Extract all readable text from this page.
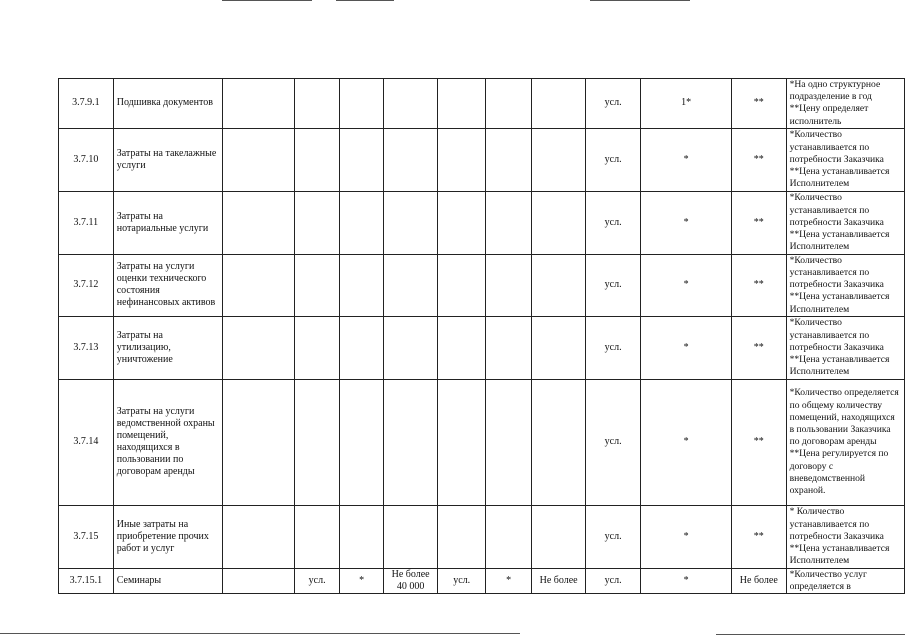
3.7.9.1	Подшивка документов								усл.	1*	**	*На одно структурное подразделение в год **Цену определяет исполнитель
3.7.10	Затраты на такелажные услуги								усл.	*	**	*Количество устанавливается по потребности Заказчика **Цена устанавливается Исполнителем
3.7.11	Затраты на нотариальные услуги								усл.	*	**	*Количество устанавливается по потребности Заказчика **Цена устанавливается Исполнителем
3.7.12	Затраты на услуги оценки технического состояния нефинансовых активов								усл.	*	**	*Количество устанавливается по потребности Заказчика **Цена устанавливается Исполнителем
3.7.13	Затраты на утилизацию, уничтожение								усл.	*	**	*Количество устанавливается по потребности Заказчика **Цена устанавливается Исполнителем
3.7.14	Затраты на услуги ведомственной охраны помещений, находящихся в пользовании по договорам аренды								усл.	*	**	*Количество определяется по общему количеству помещений, находящихся в пользовании Заказчика по договорам аренды **Цена регулируется по договору с вневедомственной охраной.
3.7.15	Иные затраты на приобретение прочих работ и услуг								усл.	*	**	* Количество устанавливается по потребности Заказчика **Цена устанавливается Исполнителем
3.7.15.1	Семинары		усл.	*	Не более 40 000	усл.	*	Не более	усл.	*	Не более	*Количество услуг определяется в
